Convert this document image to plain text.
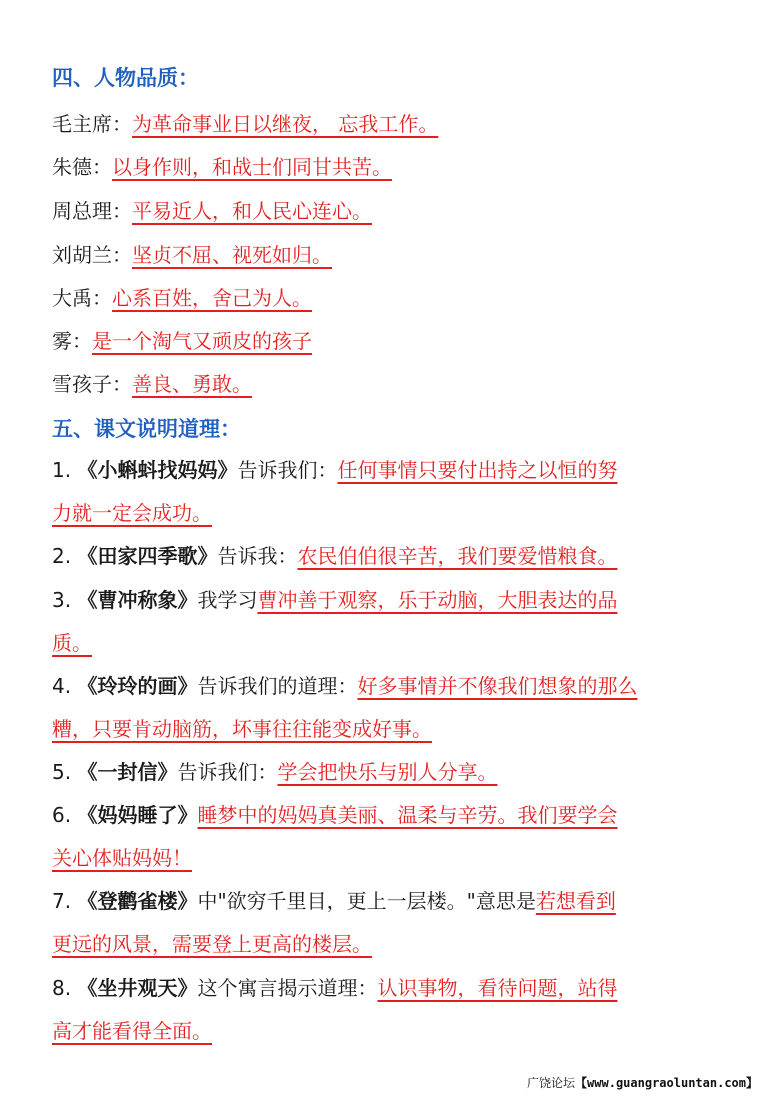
四、人物品质：
毛主席：为革命事业日以继夜， 忘我工作。
朱德：以身作则，和战士们同甘共苦。
周总理：平易近人，和人民心连心。
刘胡兰：坚贞不屈、视死如归。
大禹：心系百姓，舍己为人。
雾：是一个淘气又顽皮的孩子
雪孩子：善良、勇敢。
五、课文说明道理：
1. 《小蝌蚪找妈妈》告诉我们：任何事情只要付出持之以恒的努
力就一定会成功。
2. 《田家四季歌》告诉我：农民伯伯很辛苦，我们要爱惜粮食。
3. 《曹冲称象》我学习曹冲善于观察，乐于动脑，大胆表达的品
质。
4. 《玲玲的画》告诉我们的道理：好多事情并不像我们想象的那么
糟，只要肯动脑筋，坏事往往能变成好事。
5. 《一封信》告诉我们：学会把快乐与别人分享。
6. 《妈妈睡了》睡梦中的妈妈真美丽、温柔与辛劳。我们要学会
关心体贴妈妈！
7. 《登鹳雀楼》中"欲穷千里目，更上一层楼。"意思是若想看到
更远的风景，需要登上更高的楼层。
8. 《坐井观天》这个寓言揭示道理：认识事物，看待问题，站得
高才能看得全面。
广饶论坛【www.guangraoluntan.com】
